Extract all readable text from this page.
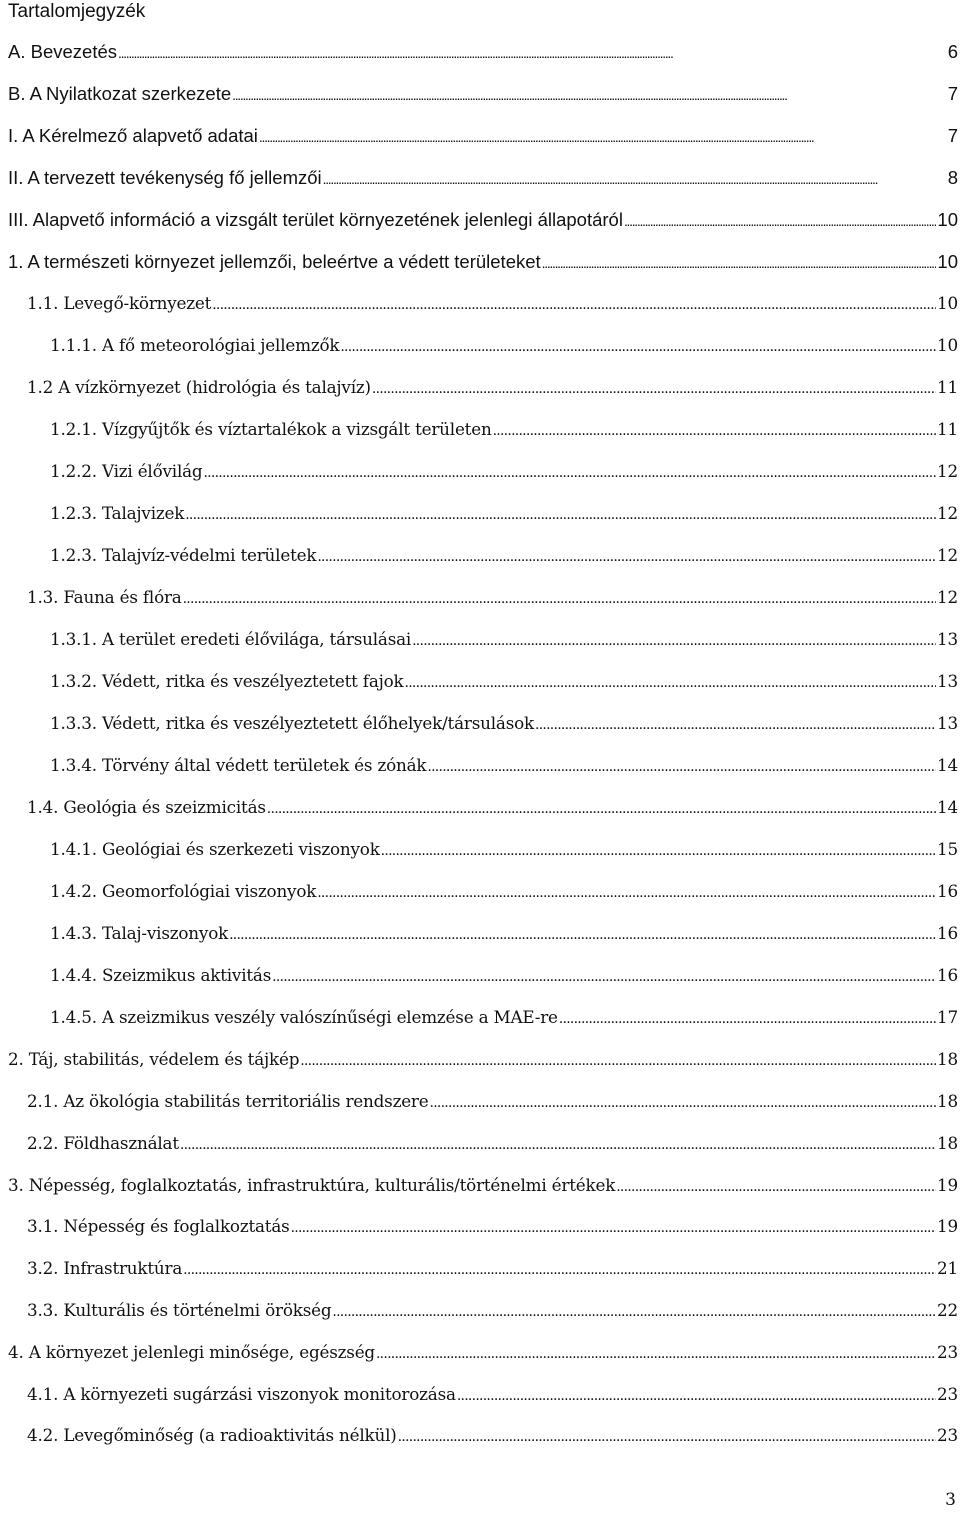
Tartalomjegyzék
A. Bevezetés . . .	6
B. A Nyilatkozat szerkezete . . .	7
I. A Kérelmező alapvető adatai . . .	7
II. A tervezett tevékenység fő jellemzői . . .	8
III. Alapvető információ a vizsgált terület környezetének jelenlegi állapotáról . . .	10
1. A természeti környezet jellemzői, beleértve a védett területeket . . .	10
1.1. Levegő-környezet . . .	10
1.1.1. A fő meteorológiai jellemzők . . .	10
1.2 A vízkörnyezet (hidrológia és talajvíz) . . .	11
1.2.1. Vízgyűjtők és víztartalékok a vizsgált területen . . .	11
1.2.2. Vizi élővilág . . .	12
1.2.3. Talajvizek . . .	12
1.2.3. Talajvíz-védelmi területek . . .	12
1.3. Fauna és flóra . . .	12
1.3.1. A terület eredeti élővilága, társulásai . . .	13
1.3.2. Védett, ritka és veszélyeztetett fajok . . .	13
1.3.3. Védett, ritka és veszélyeztetett élőhelyek/társulások . . .	13
1.3.4. Törvény által védett területek és zónák . . .	14
1.4. Geológia és szeizmicitás . . .	14
1.4.1. Geológiai és szerkezeti viszonyok . . .	15
1.4.2. Geomorfológiai viszonyok . . .	16
1.4.3. Talaj-viszonyok . . .	16
1.4.4. Szeizmikus aktivitás . . .	16
1.4.5. A szeizmikus veszély valószínűségi elemzése a MAE-re . . .	17
2. Táj, stabilitás, védelem és tájkép . . .	18
2.1. Az ökológia stabilitás territoriális rendszere . . .	18
2.2. Földhasználat . . .	18
3. Népesség, foglalkoztatás, infrastruktúra, kulturális/történelmi értékek . . .	19
3.1. Népesség és foglalkoztatás . . .	19
3.2. Infrastruktúra . . .	21
3.3. Kulturális és történelmi örökség . . .	22
4. A környezet jelenlegi minősége, egészség . . .	23
4.1. A környezeti sugárzási viszonyok monitorozása . . .	23
4.2. Levegőminőség (a radioaktivitás nélkül) . . .	23
3
